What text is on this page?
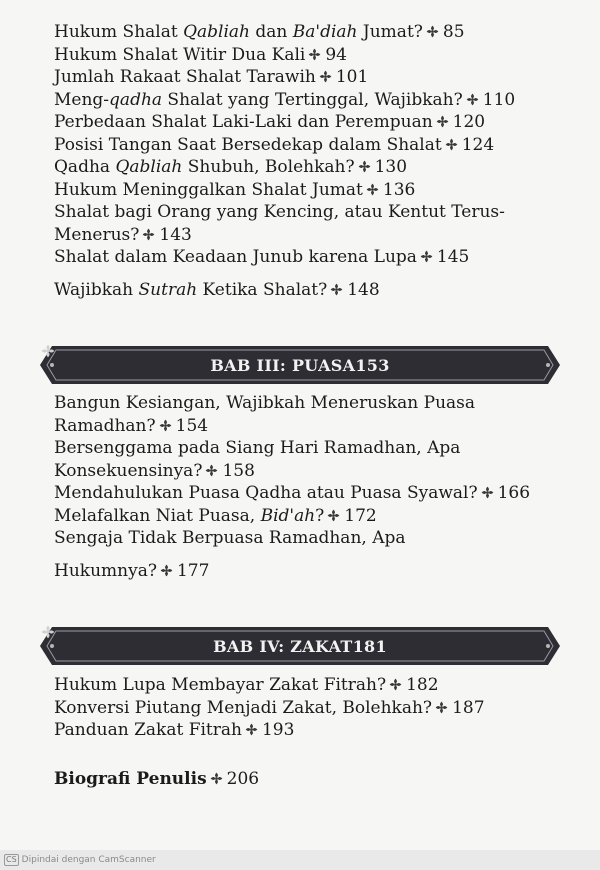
Hukum Shalat Qabliah dan Ba'diah Jumat? 85
Hukum Shalat Witir Dua Kali 94
Jumlah Rakaat Shalat Tarawih 101
Meng-qadha Shalat yang Tertinggal, Wajibkah? 110
Perbedaan Shalat Laki-Laki dan Perempuan 120
Posisi Tangan Saat Bersedekap dalam Shalat 124
Qadha Qabliah Shubuh, Bolehkah? 130
Hukum Meninggalkan Shalat Jumat 136
Shalat bagi Orang yang Kencing, atau Kentut Terus-
Menerus? 143
Shalat dalam Keadaan Junub karena Lupa 145
Wajibkah Sutrah Ketika Shalat? 148
BAB III: PUASA 153
Bangun Kesiangan, Wajibkah Meneruskan Puasa
Ramadhan? 154
Bersenggama pada Siang Hari Ramadhan, Apa
Konsekuensinya? 158
Mendahulukan Puasa Qadha atau Puasa Syawal? 166
Melafalkan Niat Puasa, Bid'ah? 172
Sengaja Tidak Berpuasa Ramadhan, Apa
Hukumnya? 177
BAB IV: ZAKAT 181
Hukum Lupa Membayar Zakat Fitrah? 182
Konversi Piutang Menjadi Zakat, Bolehkah? 187
Panduan Zakat Fitrah 193
Biografi Penulis 206
CS Dipindai dengan CamScanner
